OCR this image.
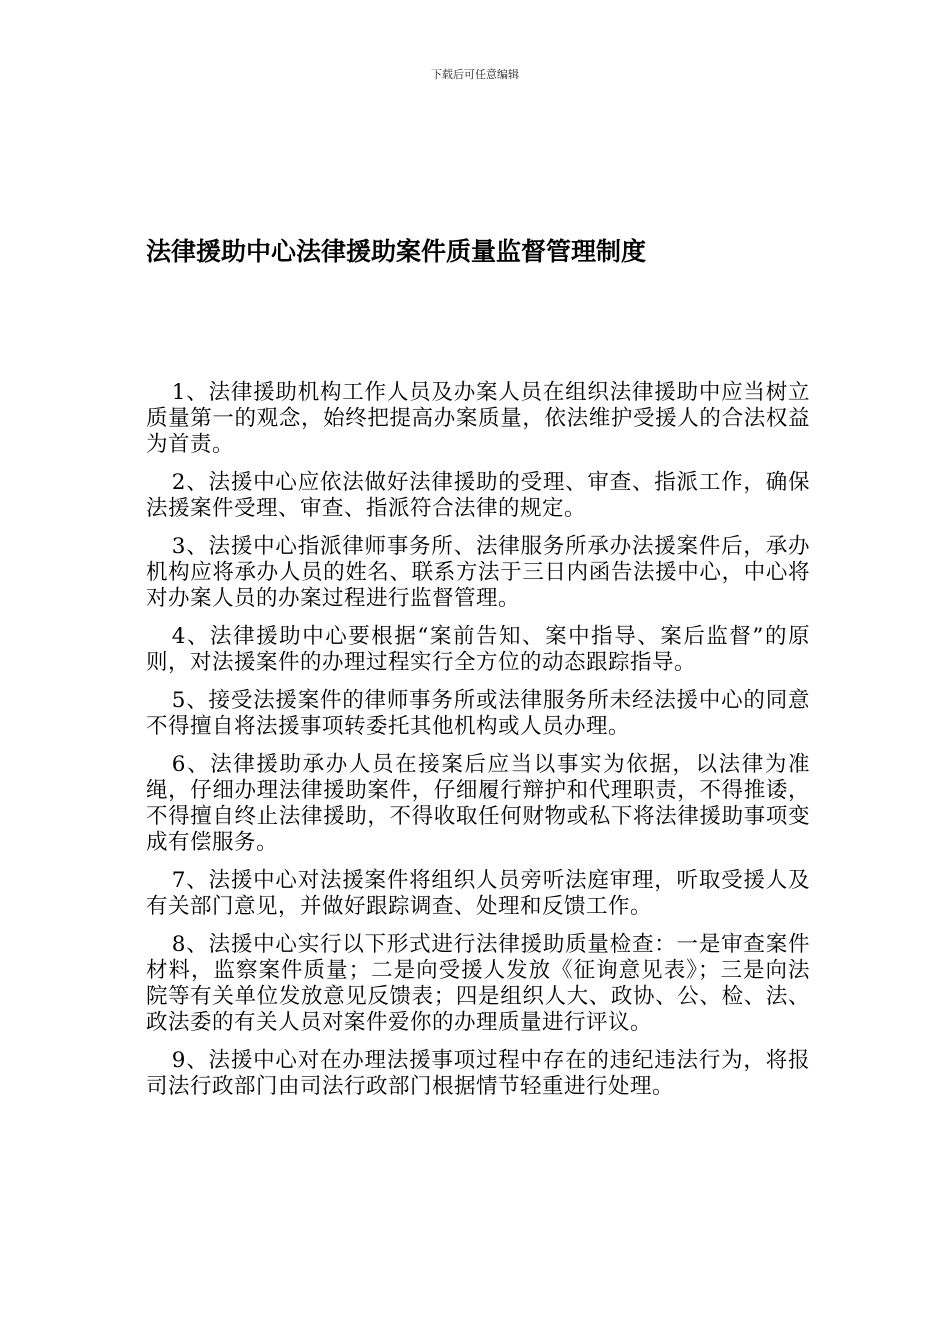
下载后可任意编辑
法律援助中心法律援助案件质量监督管理制度

1、法律援助机构工作人员及办案人员在组织法律援助中应当树立质量第一的观念，始终把提高办案质量，依法维护受援人的合法权益为首责。

2、法援中心应依法做好法律援助的受理、审查、指派工作，确保法援案件受理、审查、指派符合法律的规定。

3、法援中心指派律师事务所、法律服务所承办法援案件后，承办机构应将承办人员的姓名、联系方法于三日内函告法援中心，中心将对办案人员的办案过程进行监督管理。

4、法律援助中心要根据“案前告知、案中指导、案后监督”的原则，对法援案件的办理过程实行全方位的动态跟踪指导。

5、接受法援案件的律师事务所或法律服务所未经法援中心的同意不得擅自将法援事项转委托其他机构或人员办理。

6、法律援助承办人员在接案后应当以事实为依据，以法律为准绳，仔细办理法律援助案件，仔细履行辩护和代理职责，不得推诿，不得擅自终止法律援助，不得收取任何财物或私下将法律援助事项变成有偿服务。

7、法援中心对法援案件将组织人员旁听法庭审理，听取受援人及有关部门意见，并做好跟踪调查、处理和反馈工作。

8、法援中心实行以下形式进行法律援助质量检查：一是审查案件材料，监察案件质量；二是向受援人发放《征询意见表》；三是向法院等有关单位发放意见反馈表；四是组织人大、政协、公、检、法、政法委的有关人员对案件爱你的办理质量进行评议。

9、法援中心对在办理法援事项过程中存在的违纪违法行为，将报司法行政部门由司法行政部门根据情节轻重进行处理。
